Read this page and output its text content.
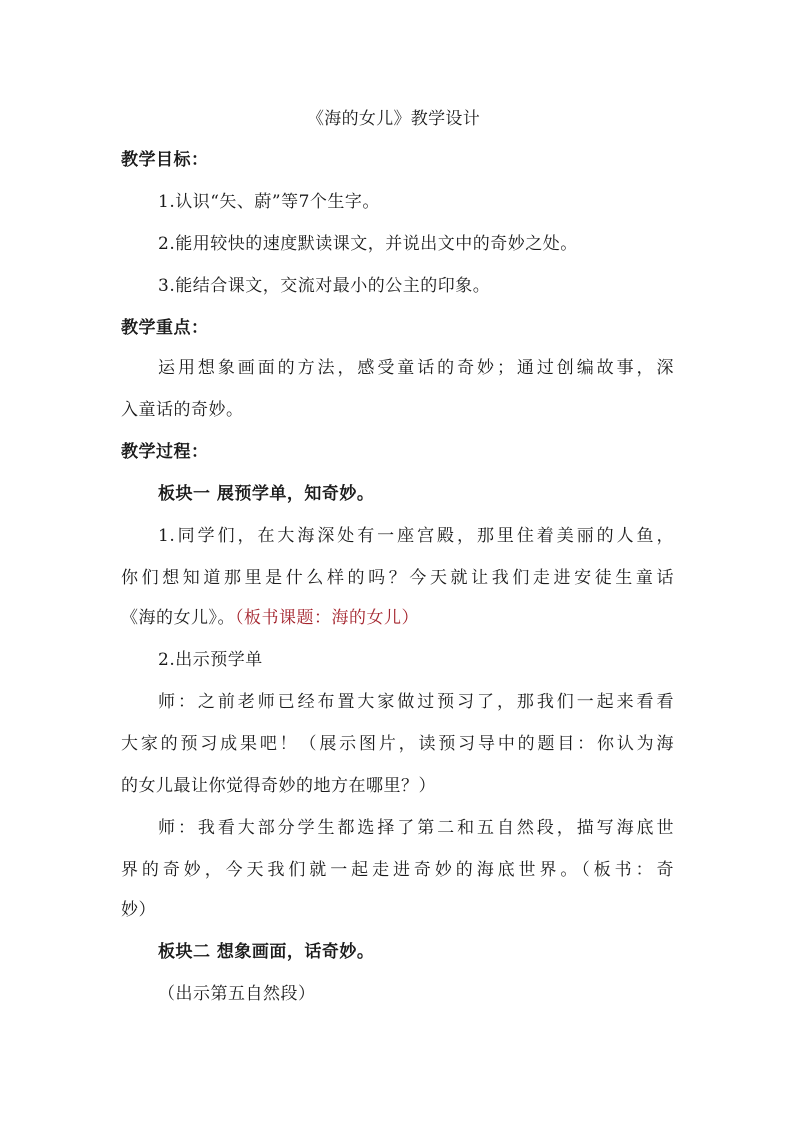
《海的女儿》教学设计
教学目标：
1.认识“矢、蔚”等7个生字。
2.能用较快的速度默读课文，并说出文中的奇妙之处。
3.能结合课文，交流对最小的公主的印象。
教学重点：
运用想象画面的方法，感受童话的奇妙；通过创编故事，深
入童话的奇妙。
教学过程：
板块一 展预学单，知奇妙。
1.同学们，在大海深处有一座宫殿，那里住着美丽的人鱼，
你们想知道那里是什么样的吗？今天就让我们走进安徒生童话
《海的女儿》。（板书课题：海的女儿）
2.出示预学单
师：之前老师已经布置大家做过预习了，那我们一起来看看
大家的预习成果吧！（展示图片，读预习导中的题目：你认为海
的女儿最让你觉得奇妙的地方在哪里？）
师：我看大部分学生都选择了第二和五自然段，描写海底世
界的奇妙，今天我们就一起走进奇妙的海底世界。（板书：奇
妙）
板块二 想象画面，话奇妙。
（出示第五自然段）
